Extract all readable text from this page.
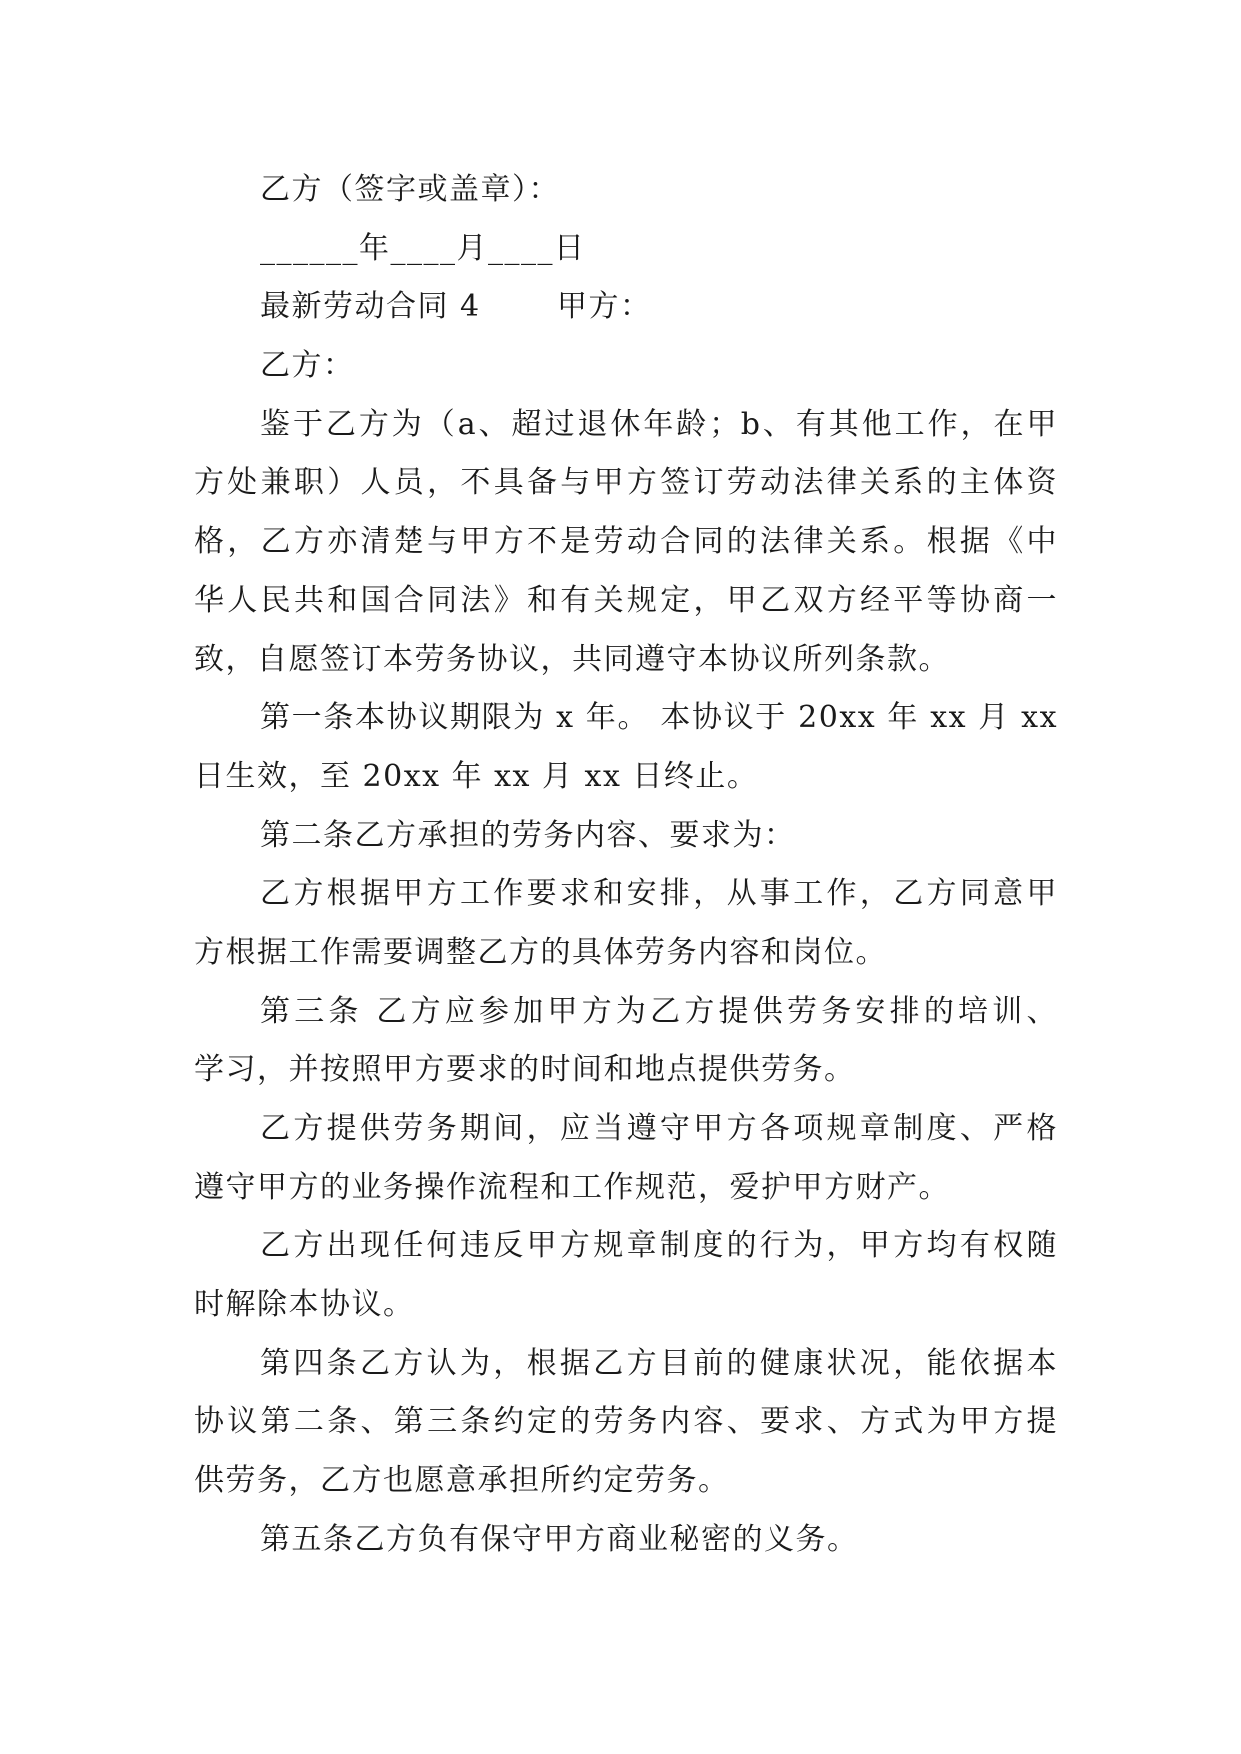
乙方（签字或盖章）：
______年____月____日
最新劳动合同 4	甲方：
乙方：
鉴于乙方为（a、超过退休年龄；b、有其他工作，在甲
方处兼职）人员，不具备与甲方签订劳动法律关系的主体资
格，乙方亦清楚与甲方不是劳动合同的法律关系。根据《中
华人民共和国合同法》和有关规定，甲乙双方经平等协商一
致，自愿签订本劳务协议，共同遵守本协议所列条款。
第一条本协议期限为 x 年。 本协议于 20xx 年 xx 月 xx
日生效，至 20xx 年 xx 月 xx 日终止。
第二条乙方承担的劳务内容、要求为：
乙方根据甲方工作要求和安排，从事工作，乙方同意甲
方根据工作需要调整乙方的具体劳务内容和岗位。
第三条 乙方应参加甲方为乙方提供劳务安排的培训、
学习，并按照甲方要求的时间和地点提供劳务。
乙方提供劳务期间，应当遵守甲方各项规章制度、严格
遵守甲方的业务操作流程和工作规范，爱护甲方财产。
乙方出现任何违反甲方规章制度的行为，甲方均有权随
时解除本协议。
第四条乙方认为，根据乙方目前的健康状况，能依据本
协议第二条、第三条约定的劳务内容、要求、方式为甲方提
供劳务，乙方也愿意承担所约定劳务。
第五条乙方负有保守甲方商业秘密的义务。
